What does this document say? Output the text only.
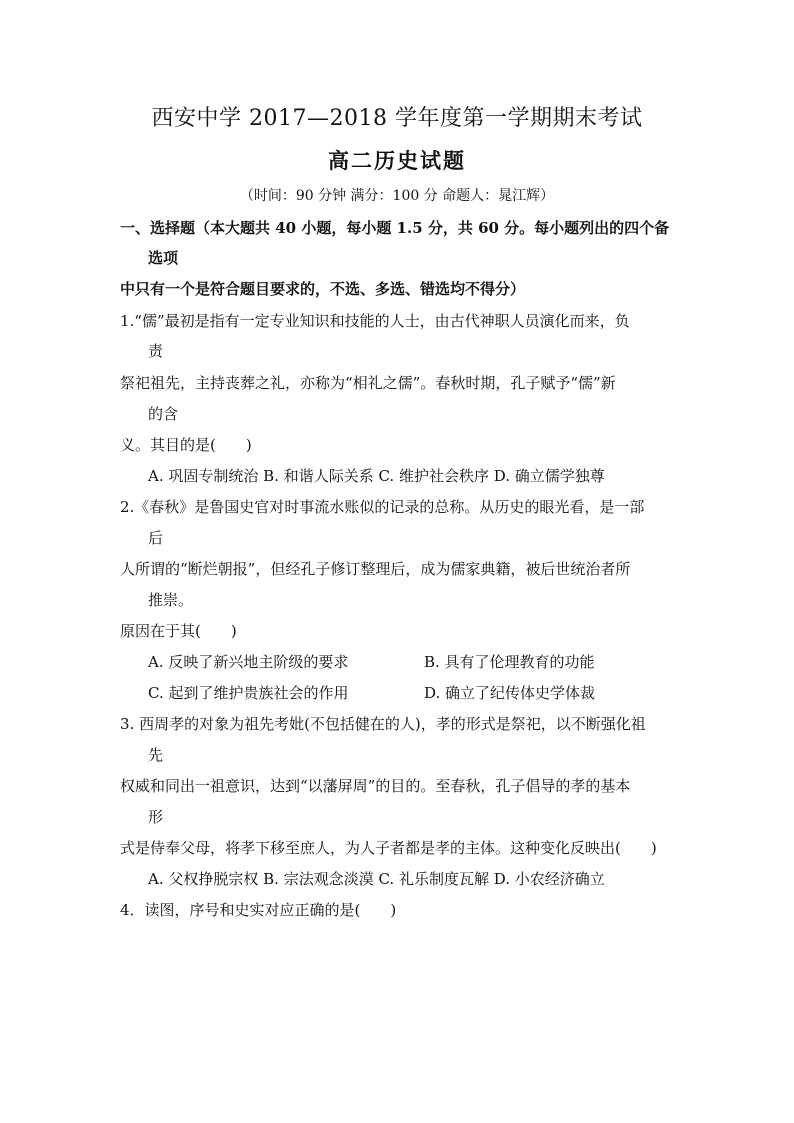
西安中学 2017—2018 学年度第一学期期末考试
高二历史试题
（时间：90 分钟 满分：100 分 命题人：晁江辉）
一、选择题（本大题共 40 小题，每小题 1.5 分，共 60 分。每小题列出的四个备
选项
中只有一个是符合题目要求的，不选、多选、错选均不得分）
1.“儒”最初是指有一定专业知识和技能的人士，由古代神职人员演化而来，负
责
祭祀祖先，主持丧葬之礼，亦称为“相礼之儒”。春秋时期，孔子赋予“儒”新
的含
义。其目的是(　　)
A. 巩固专制统治 B. 和谐人际关系 C. 维护社会秩序 D. 确立儒学独尊
2.《春秋》是鲁国史官对时事流水账似的记录的总称。从历史的眼光看，是一部
后
人所谓的“断烂朝报”，但经孔子修订整理后，成为儒家典籍，被后世统治者所
推崇。
原因在于其(　　)
A. 反映了新兴地主阶级的要求	B. 具有了伦理教育的功能
C. 起到了维护贵族社会的作用	D. 确立了纪传体史学体裁
3. 西周孝的对象为祖先考妣(不包括健在的人)，孝的形式是祭祀，以不断强化祖
先
权威和同出一祖意识，达到“以藩屏周”的目的。至春秋，孔子倡导的孝的基本
形
式是侍奉父母，将孝下移至庶人，为人子者都是孝的主体。这种变化反映出(　　)
A. 父权挣脱宗权 B. 宗法观念淡漠 C. 礼乐制度瓦解 D. 小农经济确立
4．读图，序号和史实对应正确的是(　　)
